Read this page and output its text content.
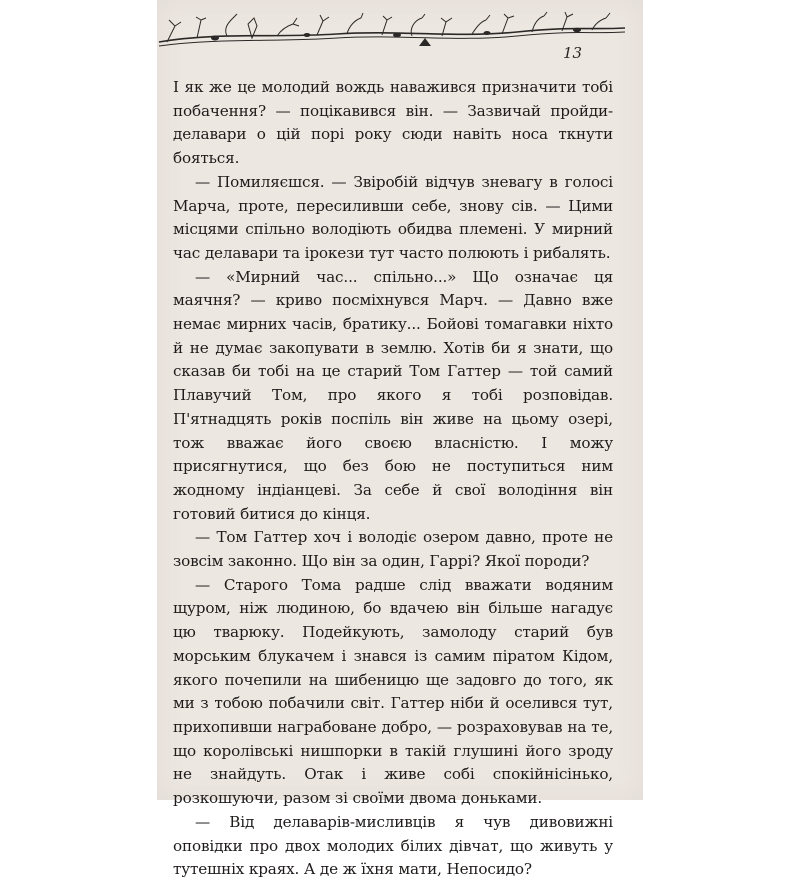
13

І як же це молодий вождь наважився призначити тобі побачення? — поцікавився він. — Зазвичай пройди-делавари о цій порі року сюди навіть носа ткнути бояться.

— Помиляєшся. — Звіробій відчув зневагу в голосі Марча, проте, пересиливши себе, знову сів. — Цими місцями спільно володіють обидва племені. У мирний час делавари та ірокези тут часто полюють і рибалять.

— «Мирний час... спільно...» Що означає ця маячня? — криво посміхнувся Марч. — Давно вже немає мирних часів, братику... Бойові томагавки ніхто й не думає закопувати в землю. Хотів би я знати, що сказав би тобі на це старий Том Гаттер — той самий Плавучий Том, про якого я тобі розповідав. П'ятнадцять років поспіль він живе на цьому озері, тож вважає його своєю власністю. І можу присягнутися, що без бою не поступиться ним жодному індіанцеві. За себе й свої володіння він готовий битися до кінця.

— Том Гаттер хоч і володіє озером давно, проте не зовсім законно. Що він за один, Гаррі? Якої породи?

— Старого Тома радше слід вважати водяним щуром, ніж людиною, бо вдачею він більше нагадує цю тварюку. Подейкують, замолоду старий був морським блукачем і знався із самим піратом Кідом, якого почепили на шибеницю ще задовго до того, як ми з тобою побачили світ. Гаттер ніби й оселився тут, прихопивши награбоване добро, — розраховував на те, що королівські нишпорки в такій глушині його зроду не знайдуть. Отак і живе собі спокійнісінько, розкошуючи, разом зі своїми двома доньками.

— Від делаварів-мисливців я чув дивовижні оповідки про двох молодих білих дівчат, що живуть у тутешніх краях. А де ж їхня мати, Непосидо?
